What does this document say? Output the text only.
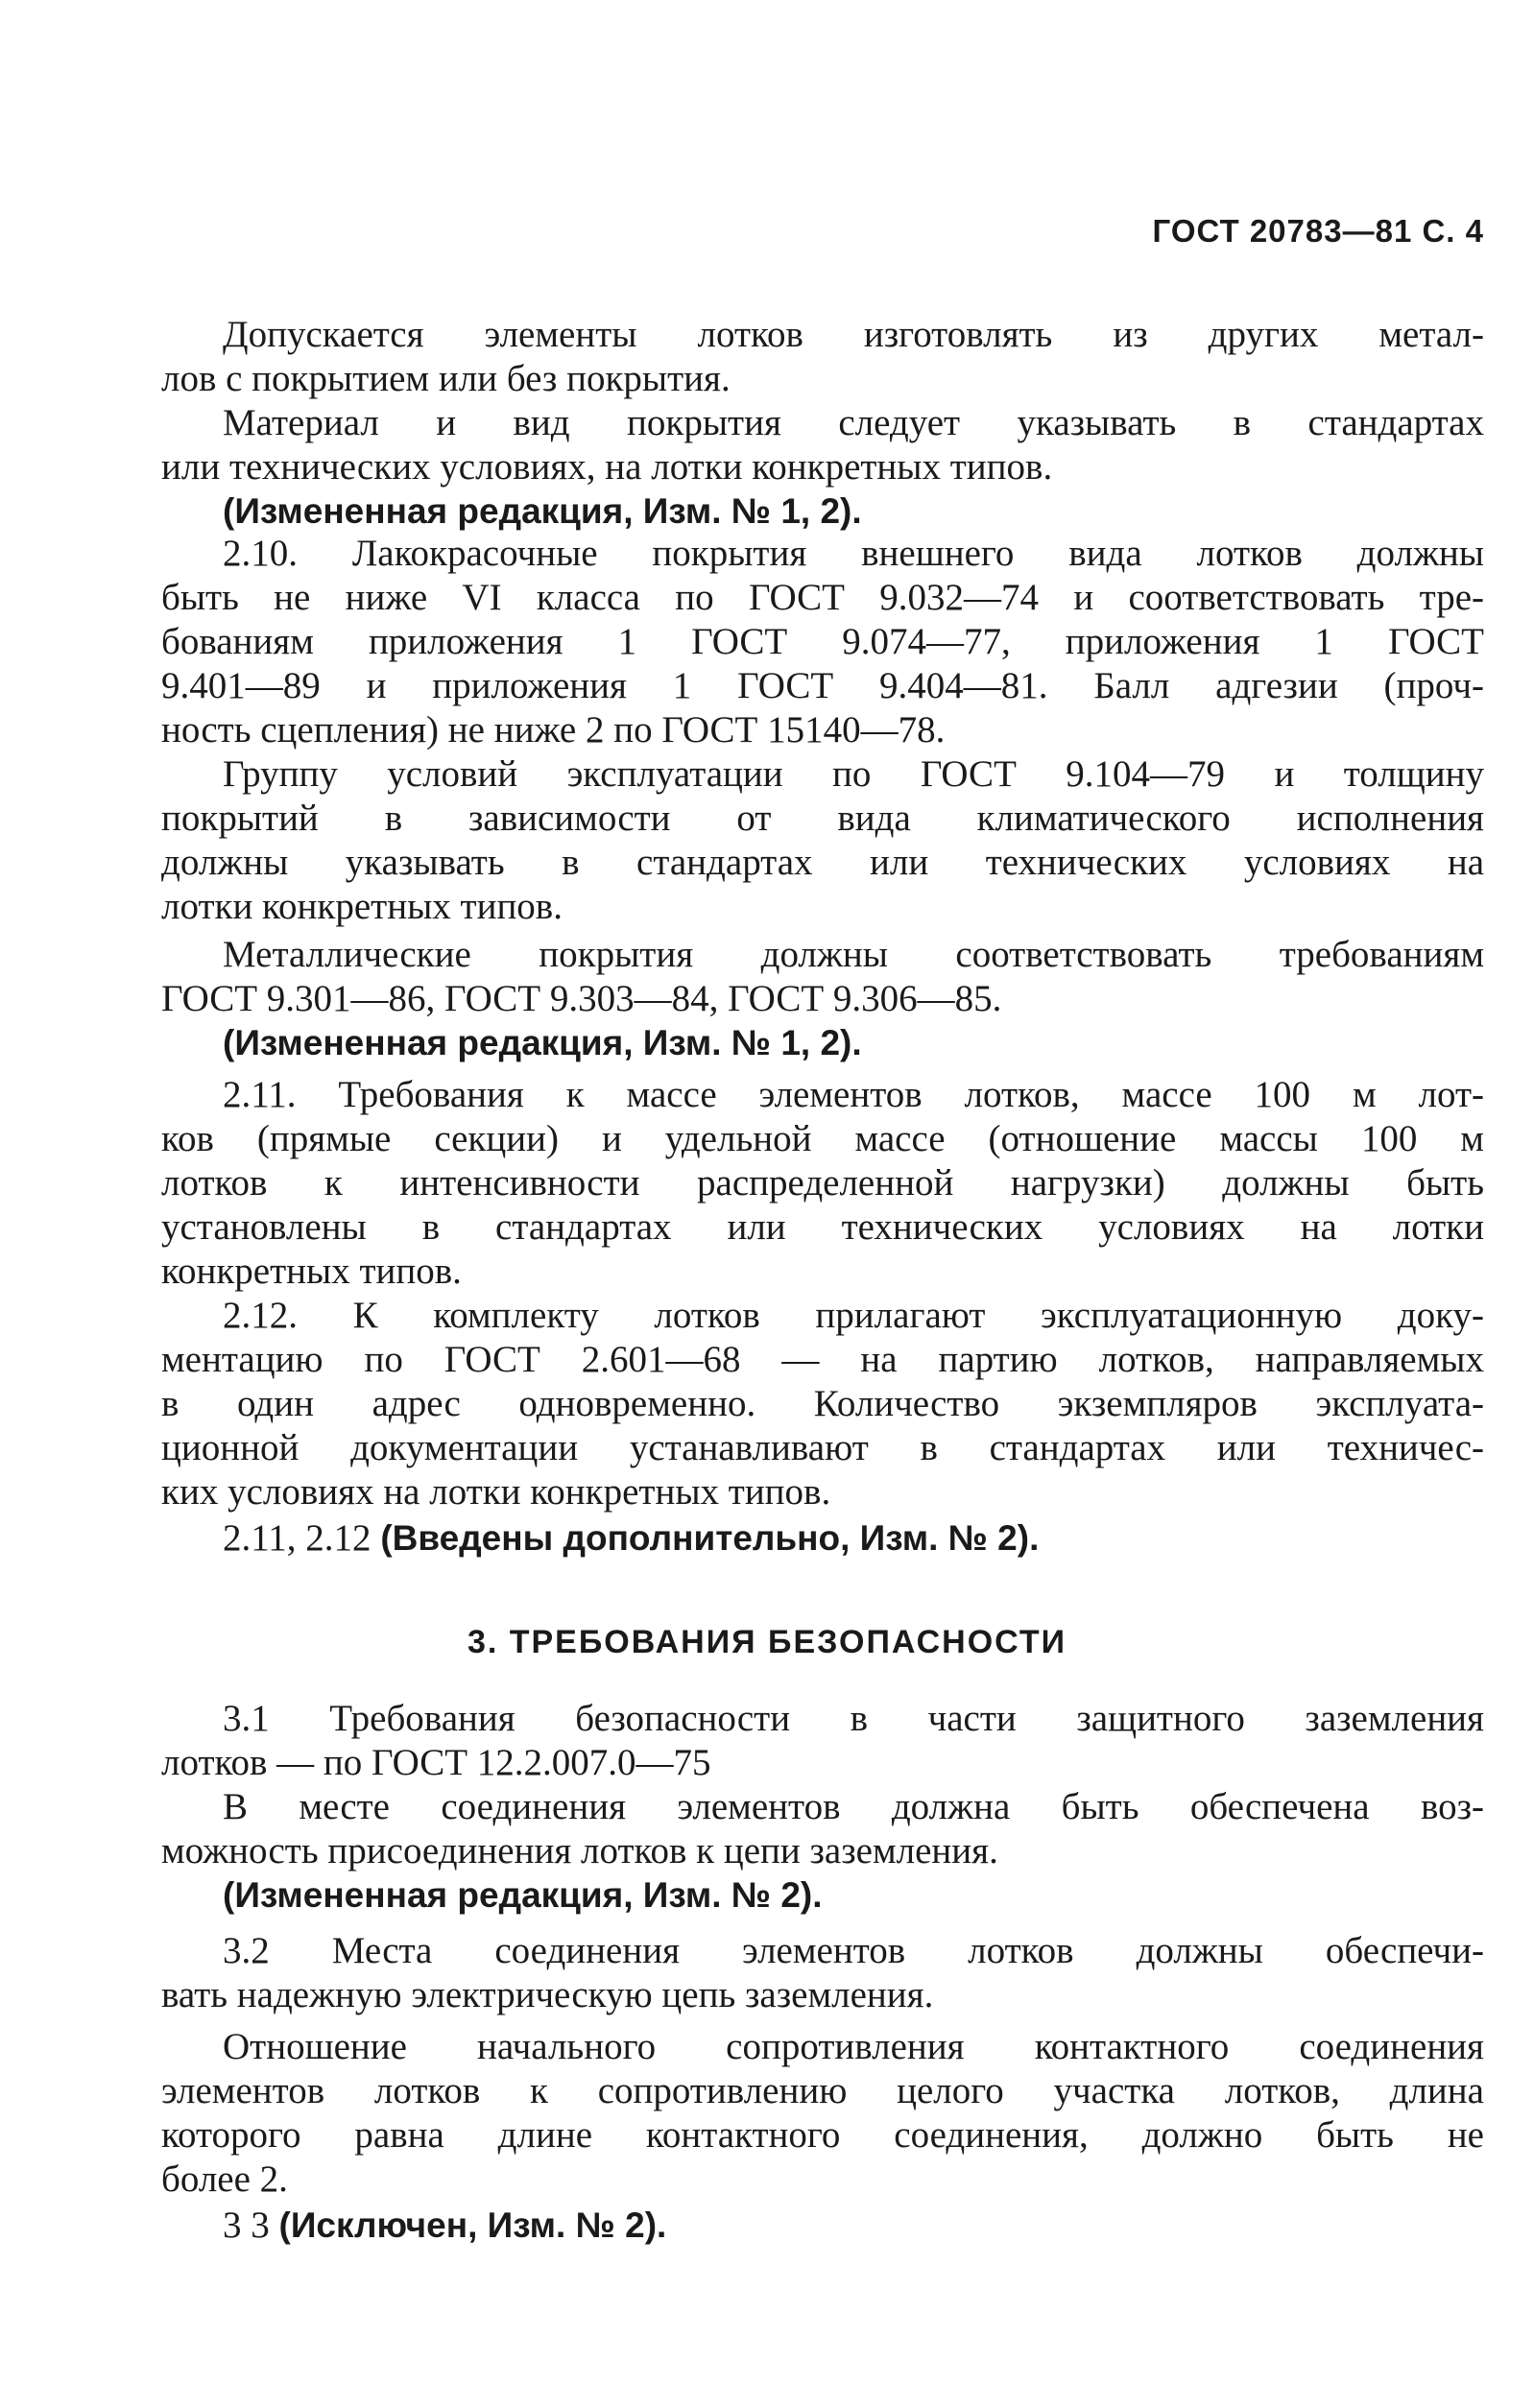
ГОСТ 20783—81 С. 4
Допускается элементы лотков изготовлять из других метал-
лов с покрытием или без покрытия.
Материал и вид покрытия следует указывать в стандартах
или технических условиях, на лотки конкретных типов.
(Измененная редакция, Изм. № 1, 2).
2.10. Лакокрасочные покрытия внешнего вида лотков должны
быть не ниже VI класса по ГОСТ 9.032—74 и соответствовать тре-
бованиям приложения 1 ГОСТ 9.074—77, приложения 1 ГОСТ
9.401—89 и приложения 1 ГОСТ 9.404—81. Балл адгезии (проч-
ность сцепления) не ниже 2 по ГОСТ 15140—78.
Группу условий эксплуатации по ГОСТ 9.104—79 и толщину
покрытий в зависимости от вида климатического исполнения
должны указывать в стандартах или технических условиях на
лотки конкретных типов.
Металлические покрытия должны соответствовать требованиям
ГОСТ 9.301—86, ГОСТ 9.303—84, ГОСТ 9.306—85.
(Измененная редакция, Изм. № 1, 2).
2.11. Требования к массе элементов лотков, массе 100 м лот-
ков (прямые секции) и удельной массе (отношение массы 100 м
лотков к интенсивности распределенной нагрузки) должны быть
установлены в стандартах или технических условиях на лотки
конкретных типов.
2.12. К комплекту лотков прилагают эксплуатационную доку-
ментацию по ГОСТ 2.601—68 — на партию лотков, направляемых
в один адрес одновременно. Количество экземпляров эксплуата-
ционной документации устанавливают в стандартах или техничес-
ких условиях на лотки конкретных типов.
2.11, 2.12 (Введены дополнительно, Изм. № 2).
3. ТРЕБОВАНИЯ БЕЗОПАСНОСТИ
3.1 Требования безопасности в части защитного заземления
лотков — по ГОСТ 12.2.007.0—75
В месте соединения элементов должна быть обеспечена воз-
можность присоединения лотков к цепи заземления.
(Измененная редакция, Изм. № 2).
3.2 Места соединения элементов лотков должны обеспечи-
вать надежную электрическую цепь заземления.
Отношение начального сопротивления контактного соединения
элементов лотков к сопротивлению целого участка лотков, длина
которого равна длине контактного соединения, должно быть не
более 2.
3 3 (Исключен, Изм. № 2).
